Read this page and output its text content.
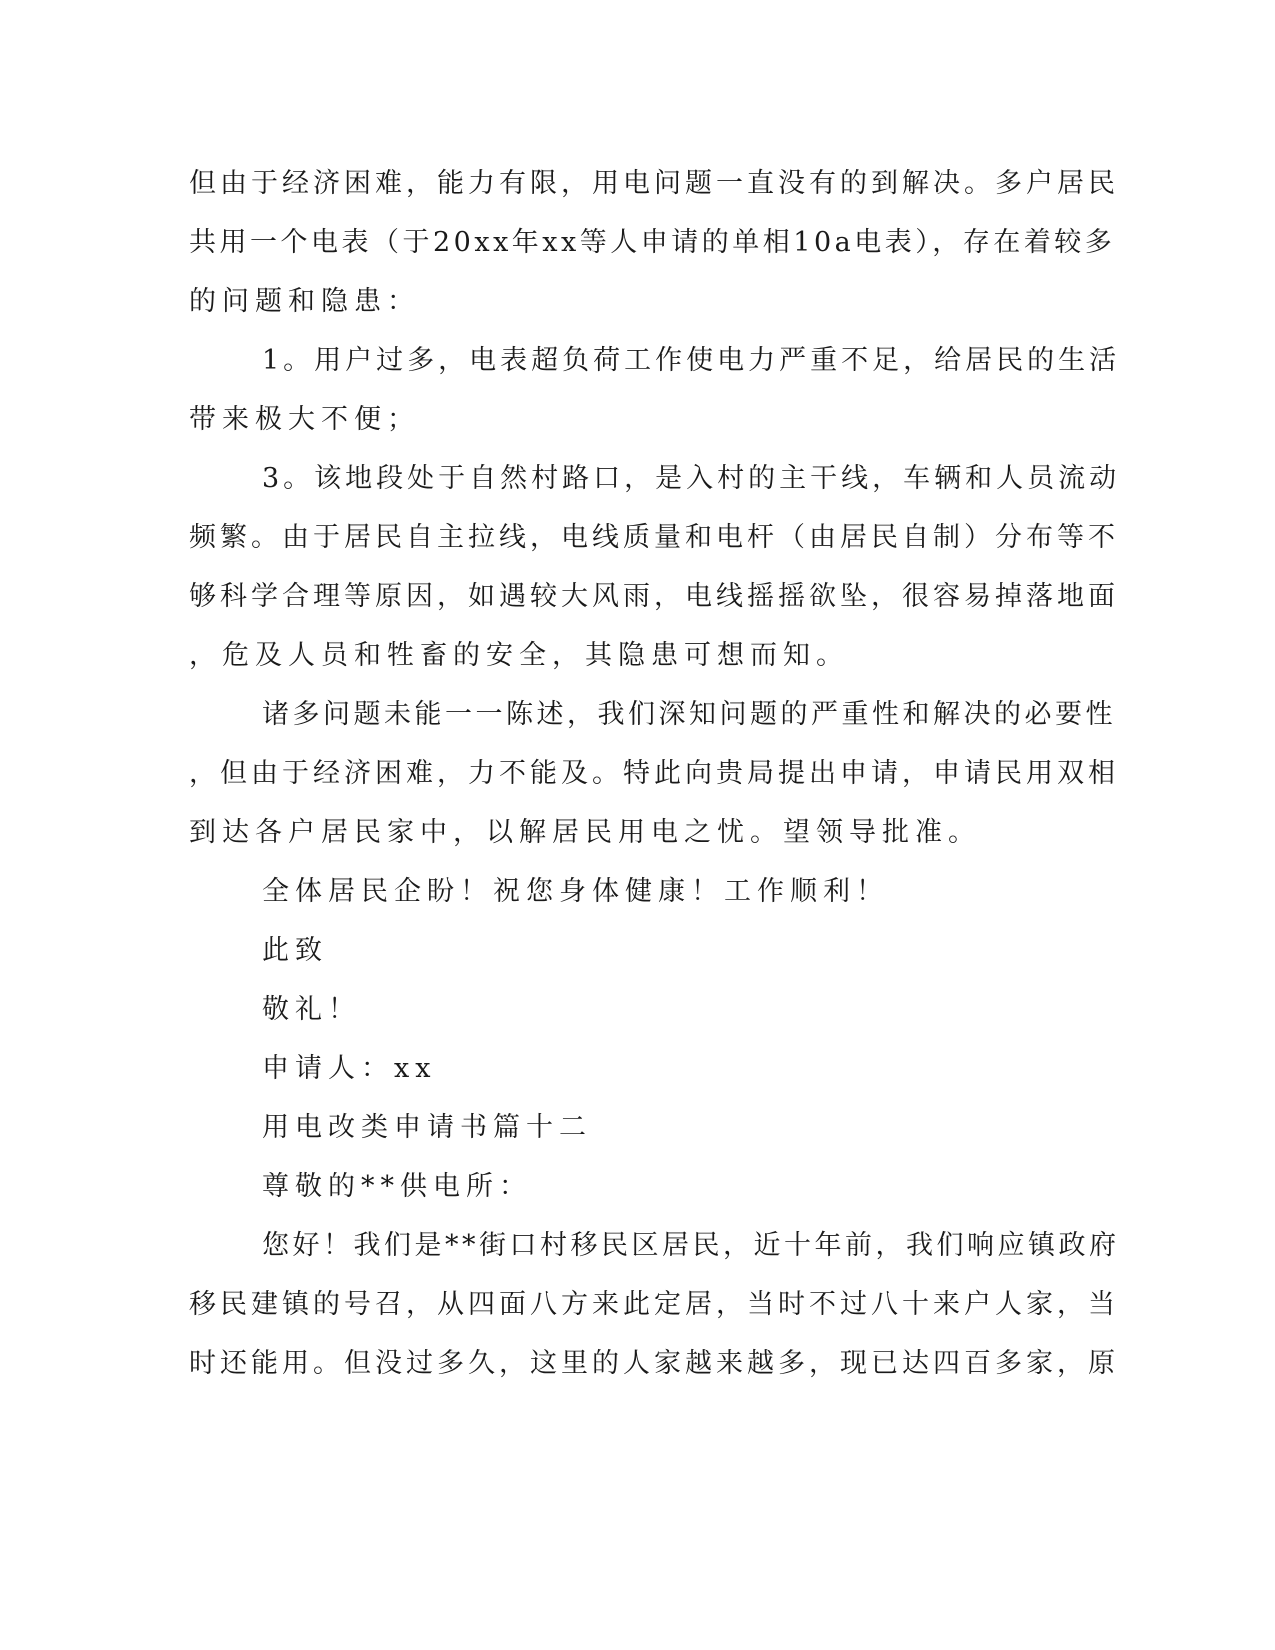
但由于经济困难，能力有限，用电问题一直没有的到解决。多户居民
共用一个电表（于20xx年xx等人申请的单相10a电表），存在着较多
的问题和隐患：
1。用户过多，电表超负荷工作使电力严重不足，给居民的生活
带来极大不便；
3。该地段处于自然村路口，是入村的主干线，车辆和人员流动
频繁。由于居民自主拉线，电线质量和电杆（由居民自制）分布等不
够科学合理等原因，如遇较大风雨，电线摇摇欲坠，很容易掉落地面
，危及人员和牲畜的安全，其隐患可想而知。
诸多问题未能一一陈述，我们深知问题的严重性和解决的必要性
，但由于经济困难，力不能及。特此向贵局提出申请，申请民用双相
到达各户居民家中，以解居民用电之忧。望领导批准。
全体居民企盼！祝您身体健康！工作顺利！
此致
敬礼！
申请人：xx
用电改类申请书篇十二
尊敬的**供电所：
您好！我们是**街口村移民区居民，近十年前，我们响应镇政府
移民建镇的号召，从四面八方来此定居，当时不过八十来户人家，当
时还能用。但没过多久，这里的人家越来越多，现已达四百多家，原
